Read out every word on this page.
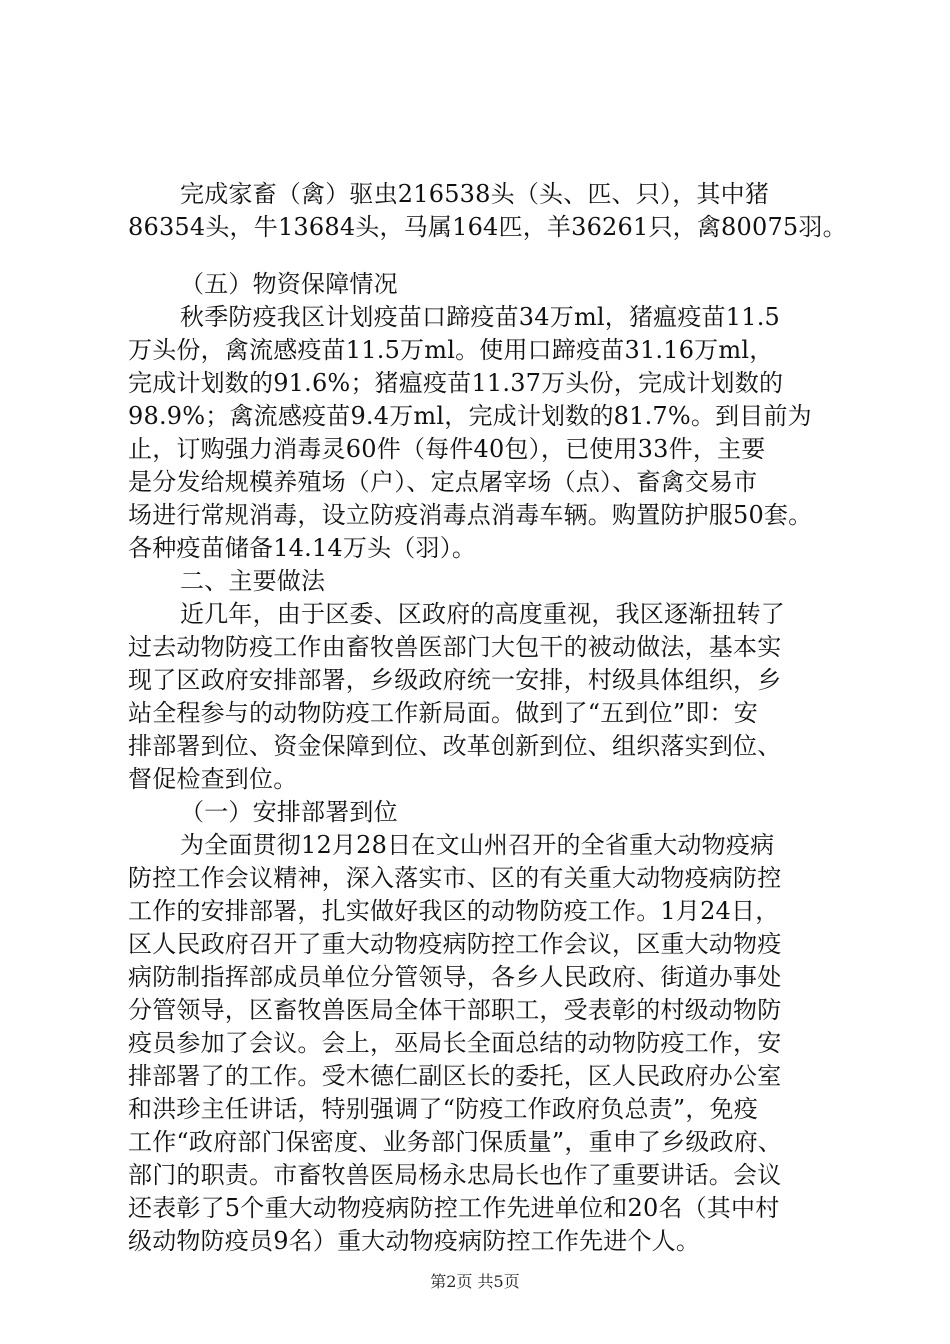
完成家畜（禽）驱虫216538头（头、匹、只），其中猪
86354头，牛13684头，马属164匹，羊36261只，禽80075羽。
（五）物资保障情况
秋季防疫我区计划疫苗口蹄疫苗34万ml，猪瘟疫苗11.5
万头份，禽流感疫苗11.5万ml。使用口蹄疫苗31.16万ml，
完成计划数的91.6%；猪瘟疫苗11.37万头份，完成计划数的
98.9%；禽流感疫苗9.4万ml，完成计划数的81.7%。到目前为
止，订购强力消毒灵60件（每件40包），已使用33件，主要
是分发给规模养殖场（户）、定点屠宰场（点）、畜禽交易市
场进行常规消毒，设立防疫消毒点消毒车辆。购置防护服50套。
各种疫苗储备14.14万头（羽）。
二、主要做法
近几年，由于区委、区政府的高度重视，我区逐渐扭转了
过去动物防疫工作由畜牧兽医部门大包干的被动做法，基本实
现了区政府安排部署，乡级政府统一安排，村级具体组织，乡
站全程参与的动物防疫工作新局面。做到了“五到位”即：安
排部署到位、资金保障到位、改革创新到位、组织落实到位、
督促检查到位。
（一）安排部署到位
为全面贯彻12月28日在文山州召开的全省重大动物疫病
防控工作会议精神，深入落实市、区的有关重大动物疫病防控
工作的安排部署，扎实做好我区的动物防疫工作。1月24日，
区人民政府召开了重大动物疫病防控工作会议，区重大动物疫
病防制指挥部成员单位分管领导，各乡人民政府、街道办事处
分管领导，区畜牧兽医局全体干部职工，受表彰的村级动物防
疫员参加了会议。会上，巫局长全面总结的动物防疫工作，安
排部署了的工作。受木德仁副区长的委托，区人民政府办公室
和洪珍主任讲话，特别强调了“防疫工作政府负总责”，免疫
工作“政府部门保密度、业务部门保质量”，重申了乡级政府、
部门的职责。市畜牧兽医局杨永忠局长也作了重要讲话。会议
还表彰了5个重大动物疫病防控工作先进单位和20名（其中村
级动物防疫员9名）重大动物疫病防控工作先进个人。
第2页 共5页
